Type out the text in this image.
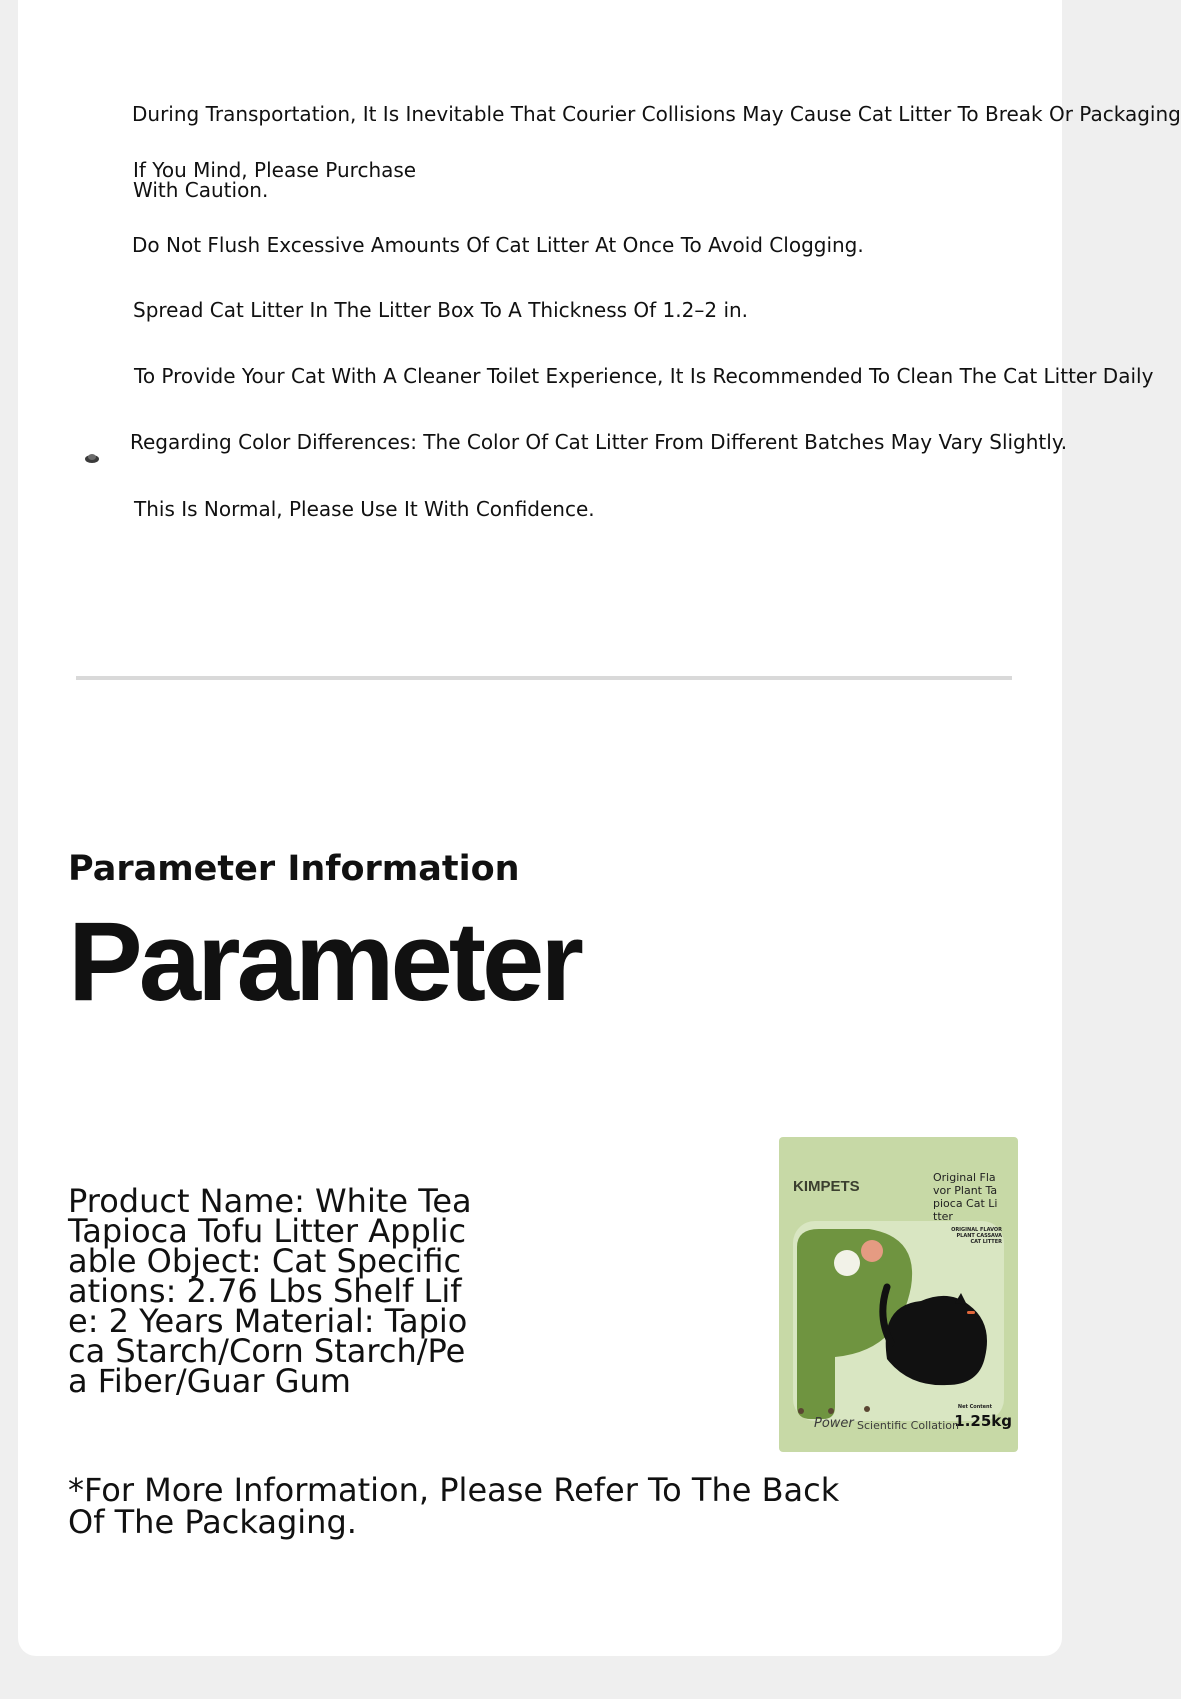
During Transportation, It Is Inevitable That Courier Collisions May Cause Cat Litter To Break Or Packaging

If You Mind, Please Purchase With Caution.

Do Not Flush Excessive Amounts Of Cat Litter At Once To Avoid Clogging.

Spread Cat Litter In The Litter Box To A Thickness Of 1.2–2 in.

To Provide Your Cat With A Cleaner Toilet Experience, It Is Recommended To Clean The Cat Litter Daily

Regarding Color Differences: The Color Of Cat Litter From Different Batches May Vary Slightly.

This Is Normal, Please Use It With Confidence.

Parameter Information
Parameter

Product Name: White Tea Tapioca Tofu Litter Applicable Object: Cat Specifications: 2.76 Lbs Shelf Life: 2 Years Material: Tapioca Starch/Corn Starch/Pea Fiber/Guar Gum

KIMPETS
Original Fla
vor Plant Ta
pioca Cat Li
tter
ORIGINAL FLAVOR
PLANT CASSAVA
CAT LITTER
Net Content
1.25kg
Power Scientific Collation

*For More Information, Please Refer To The Back Of The Packaging.
